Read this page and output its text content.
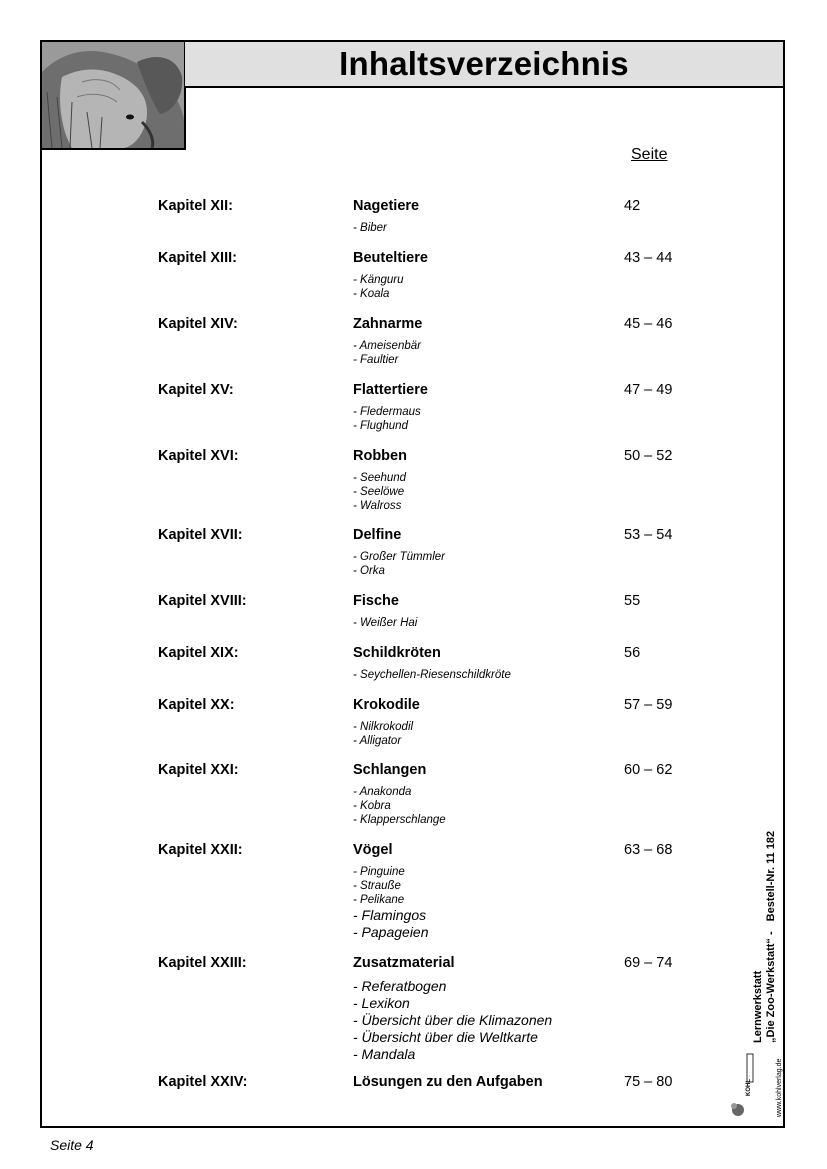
Inhaltsverzeichnis
Seite
Kapitel XII:	Nagetiere	42
- Biber
Kapitel XIII:	Beuteltiere	43 – 44
- Känguru
- Koala
Kapitel XIV:	Zahnarme	45 – 46
- Ameisenbär
- Faultier
Kapitel XV:	Flattertiere	47 – 49
- Fledermaus
- Flughund
Kapitel XVI:	Robben	50 – 52
- Seehund
- Seelöwe
- Walross
Kapitel XVII:	Delfine	53 – 54
- Großer Tümmler
- Orka
Kapitel XVIII:	Fische	55
- Weißer Hai
Kapitel XIX:	Schildkröten	56
- Seychellen-Riesenschildkröte
Kapitel XX:	Krokodile	57 – 59
- Nilkrokodil
- Alligator
Kapitel XXI:	Schlangen	60 – 62
- Anakonda
- Kobra
- Klapperschlange
Kapitel XXII:	Vögel	63 – 68
- Pinguine
- Strauße
- Pelikane
- Flamingos
- Papageien
Kapitel XXIII:	Zusatzmaterial	69 – 74
- Referatbogen
- Lexikon
- Übersicht über die Klimazonen
- Übersicht über die Weltkarte
- Mandala
Kapitel XXIV:	Lösungen zu den Aufgaben	75 – 80	KOHL
Lernwerkstatt „Die Zoo-Werkstatt“ -Bestell-Nr. 11 182
www.kohlverlag.de
Seite 4
